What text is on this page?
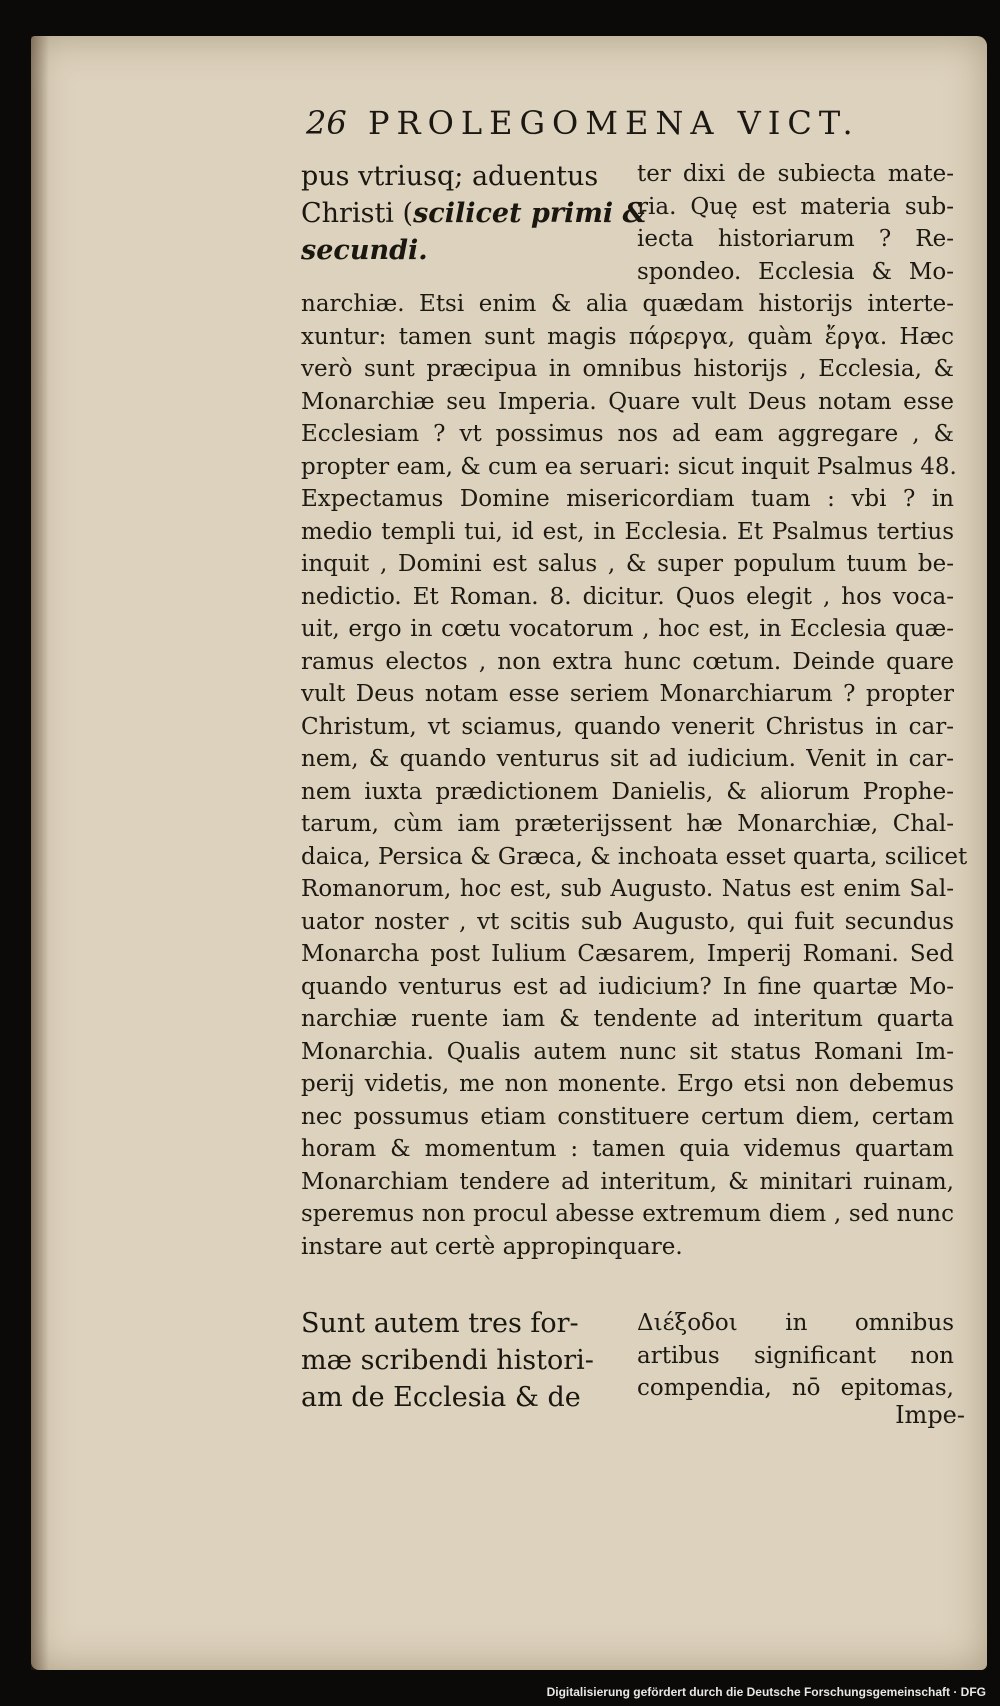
26 PROLEGOMENA VICT.
pus vtriusq; aduentus
Christi (scilicet primi &
secundi.
ter dixi de subiecta mate-
ria. Quę est materia sub-
iecta historiarum ? Re-
spondeo. Ecclesia & Mo-
narchiæ. Etsi enim & alia quædam historijs interte-
xuntur: tamen sunt magis πάρεργα, quàm ἔργα. Hæc
verò sunt præcipua in omnibus historijs , Ecclesia, &
Monarchiæ seu Imperia. Quare vult Deus notam esse
Ecclesiam ? vt possimus nos ad eam aggregare , &
propter eam, & cum ea seruari: sicut inquit Psalmus 48.
Expectamus Domine misericordiam tuam : vbi ? in
medio templi tui, id est, in Ecclesia. Et Psalmus tertius
inquit , Domini est salus , & super populum tuum be-
nedictio. Et Roman. 8. dicitur. Quos elegit , hos voca-
uit, ergo in cœtu vocatorum , hoc est, in Ecclesia quæ-
ramus electos , non extra hunc cœtum. Deinde quare
vult Deus notam esse seriem Monarchiarum ? propter
Christum, vt sciamus, quando venerit Christus in car-
nem, & quando venturus sit ad iudicium. Venit in car-
nem iuxta prædictionem Danielis, & aliorum Prophe-
tarum, cùm iam præterijssent hæ Monarchiæ, Chal-
daica, Persica & Græca, & inchoata esset quarta, scilicet
Romanorum, hoc est, sub Augusto. Natus est enim Sal-
uator noster , vt scitis sub Augusto, qui fuit secundus
Monarcha post Iulium Cæsarem, Imperij Romani. Sed
quando venturus est ad iudicium? In fine quartæ Mo-
narchiæ ruente iam & tendente ad interitum quarta
Monarchia. Qualis autem nunc sit status Romani Im-
perij videtis, me non monente. Ergo etsi non debemus
nec possumus etiam constituere certum diem, certam
horam & momentum : tamen quia videmus quartam
Monarchiam tendere ad interitum, & minitari ruinam,
speremus non procul abesse extremum diem , sed nunc
instare aut certè appropinquare.
Sunt autem tres for-
mæ scribendi histori-
am de Ecclesia & de
Διέξοδοι in omnibus
artibus significant non
compendia, nō epitomas,
Impe-
Digitalisierung gefördert durch die Deutsche Forschungsgemeinschaft · DFG
